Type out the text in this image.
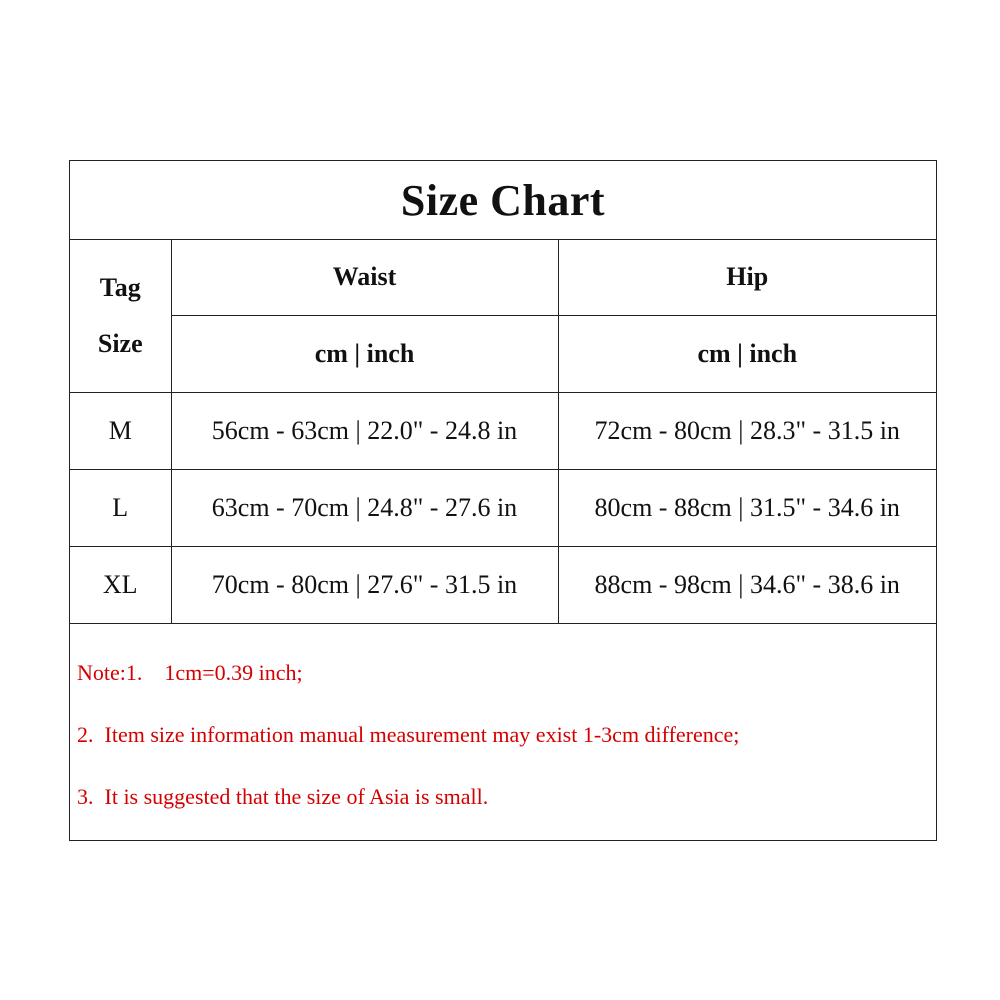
Size Chart
Tag
Size	Waist	Hip
	cm | inch	cm | inch
M	56cm - 63cm | 22.0" - 24.8 in	72cm - 80cm | 28.3" - 31.5 in
L	63cm - 70cm | 24.8" - 27.6 in	80cm - 88cm | 31.5" - 34.6 in
XL	70cm - 80cm | 27.6" - 31.5 in	88cm - 98cm | 34.6" - 38.6 in
Note:1.    1cm=0.39 inch;
2.  Item size information manual measurement may exist 1-3cm difference;
3.  It is suggested that the size of Asia is small.
